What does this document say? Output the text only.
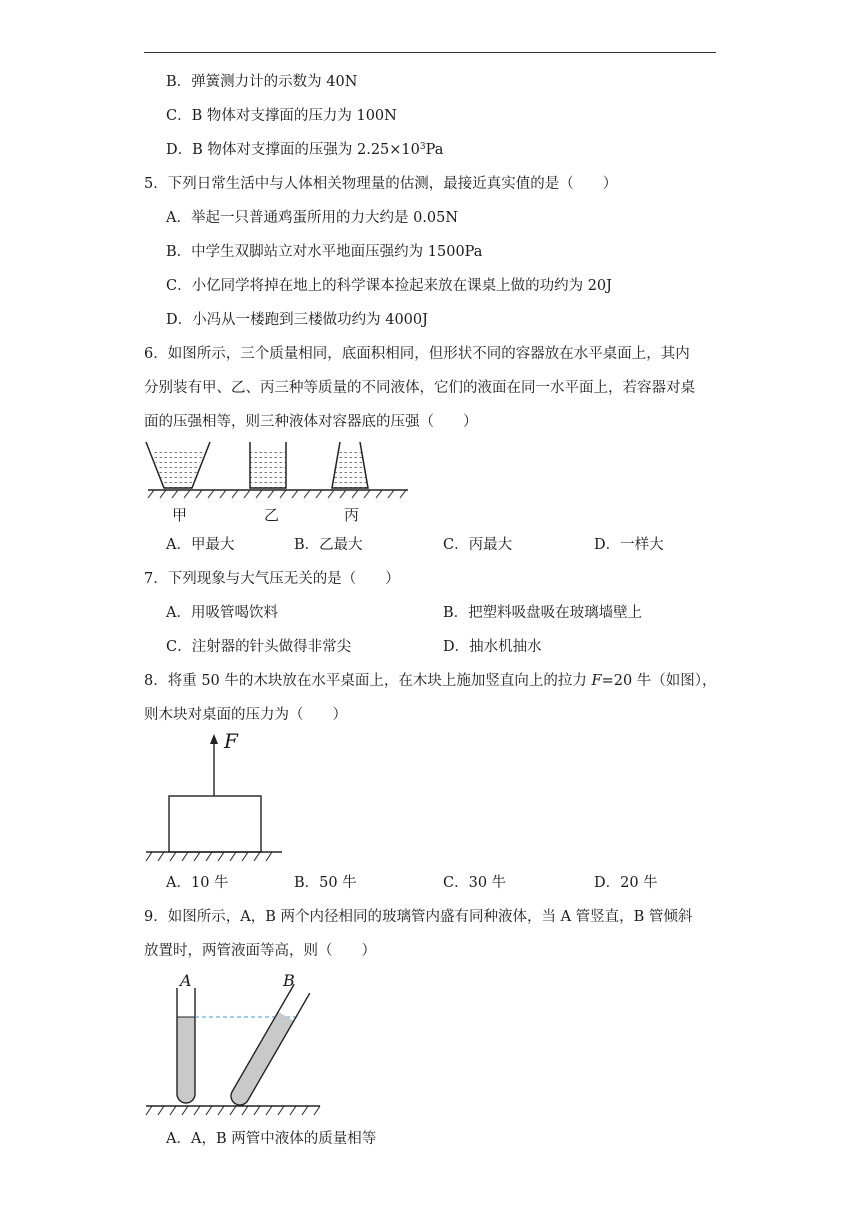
B．弹簧测力计的示数为 40N
C．B 物体对支撑面的压力为 100N
D．B 物体对支撑面的压强为 $2.25\times 10^3Pa$
5．下列日常生活中与人体相关物理量的估测，最接近真实值的是（　　）
A．举起一只普通鸡蛋所用的力大约是 0.05N
B．中学生双脚站立对水平地面压强约为 1500Pa
C．小亿同学将掉在地上的科学课本捡起来放在课桌上做的功约为 20J
D．小冯从一楼跑到三楼做功约为 4000J
6．如图所示，三个质量相同，底面积相同，但形状不同的容器放在水平桌面上，其内
分别装有甲、乙、丙三种等质量的不同液体，它们的液面在同一水平面上，若容器对桌
面的压强相等，则三种液体对容器底的压强（　　）
甲	乙	丙
A．甲最大	B．乙最大	C．丙最大	D．一样大
7．下列现象与大气压无关的是（　　）
A．用吸管喝饮料	B．把塑料吸盘吸在玻璃墙壁上
C．注射器的针头做得非常尖	D．抽水机抽水
8．将重 50 牛的木块放在水平桌面上，在木块上施加竖直向上的拉力 F=20 牛（如图），
则木块对桌面的压力为（　　）
F
A．10 牛	B．50 牛	C．30 牛	D．20 牛
9．如图所示，A，B 两个内径相同的玻璃管内盛有同种液体，当 A 管竖直，B 管倾斜
放置时，两管液面等高，则（　　）
A	B
A．A，B 两管中液体的质量相等
